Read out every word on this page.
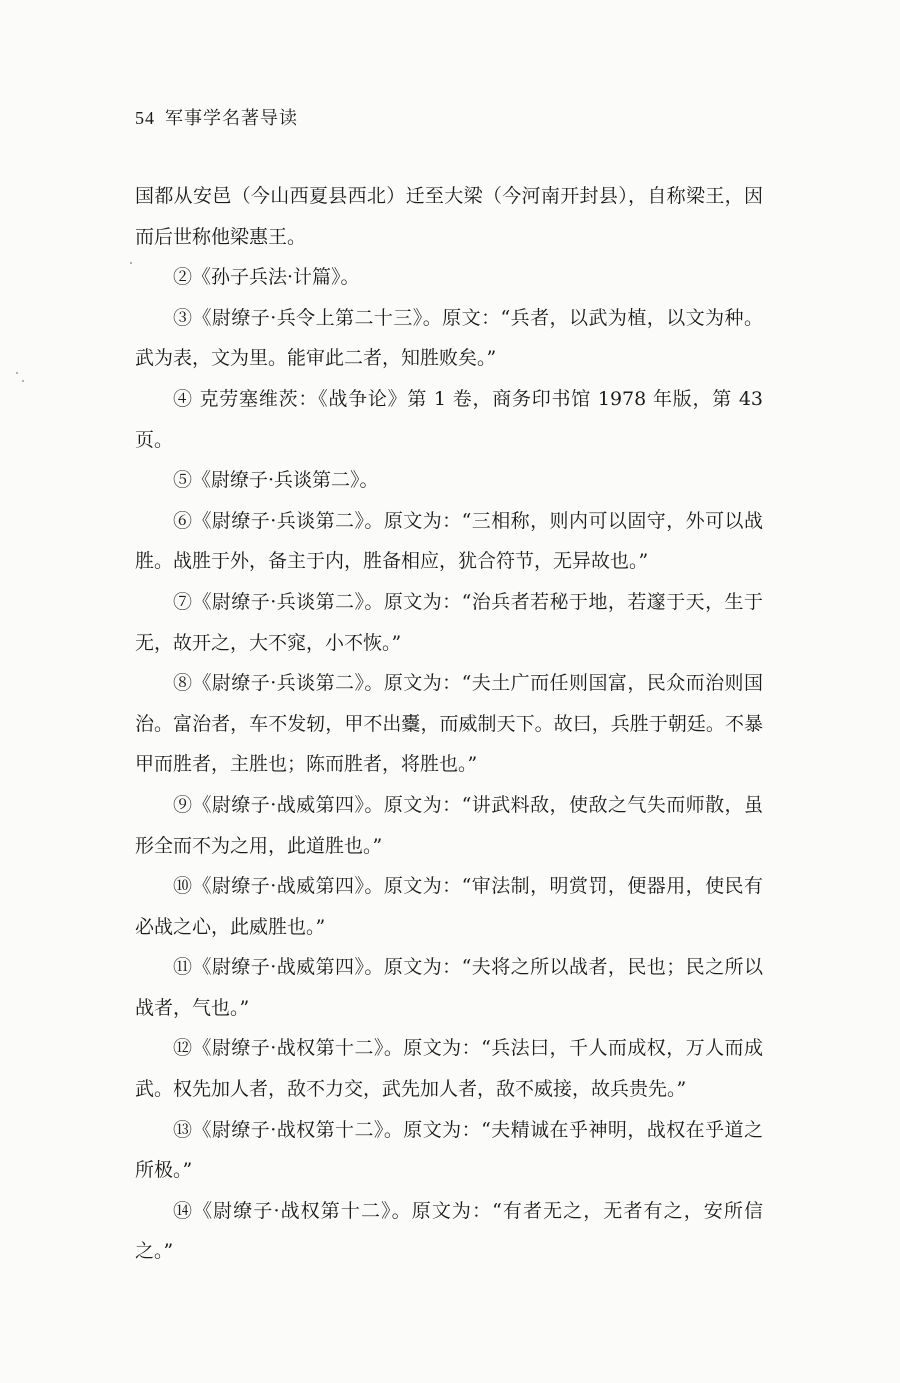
54 军事学名著导读

国都从安邑（今山西夏县西北）迁至大梁（今河南开封县），自称梁王，因而后世称他梁惠王。

②《孙子兵法·计篇》。

③《尉缭子·兵令上第二十三》。原文：“兵者，以武为植，以文为种。武为表，文为里。能审此二者，知胜败矣。”

④ 克劳塞维茨：《战争论》第 1 卷，商务印书馆 1978 年版，第 43 页。

⑤《尉缭子·兵谈第二》。

⑥《尉缭子·兵谈第二》。原文为：“三相称，则内可以固守，外可以战胜。战胜于外，备主于内，胜备相应，犹合符节，无异故也。”

⑦《尉缭子·兵谈第二》。原文为：“治兵者若秘于地，若邃于天，生于无，故开之，大不窕，小不恢。”

⑧《尉缭子·兵谈第二》。原文为：“夫土广而任则国富，民众而治则国治。富治者，车不发轫，甲不出櫜，而威制天下。故曰，兵胜于朝廷。不暴甲而胜者，主胜也；陈而胜者，将胜也。”

⑨《尉缭子·战威第四》。原文为：“讲武料敌，使敌之气失而师散，虽形全而不为之用，此道胜也。”

⑩《尉缭子·战威第四》。原文为：“审法制，明赏罚，便器用，使民有必战之心，此威胜也。”

⑪《尉缭子·战威第四》。原文为：“夫将之所以战者，民也；民之所以战者，气也。”

⑫《尉缭子·战权第十二》。原文为：“兵法曰，千人而成权，万人而成武。权先加人者，敌不力交，武先加人者，敌不威接，故兵贵先。”

⑬《尉缭子·战权第十二》。原文为：“夫精诚在乎神明，战权在乎道之所极。”

⑭《尉缭子·战权第十二》。原文为：“有者无之，无者有之，安所信之。”
